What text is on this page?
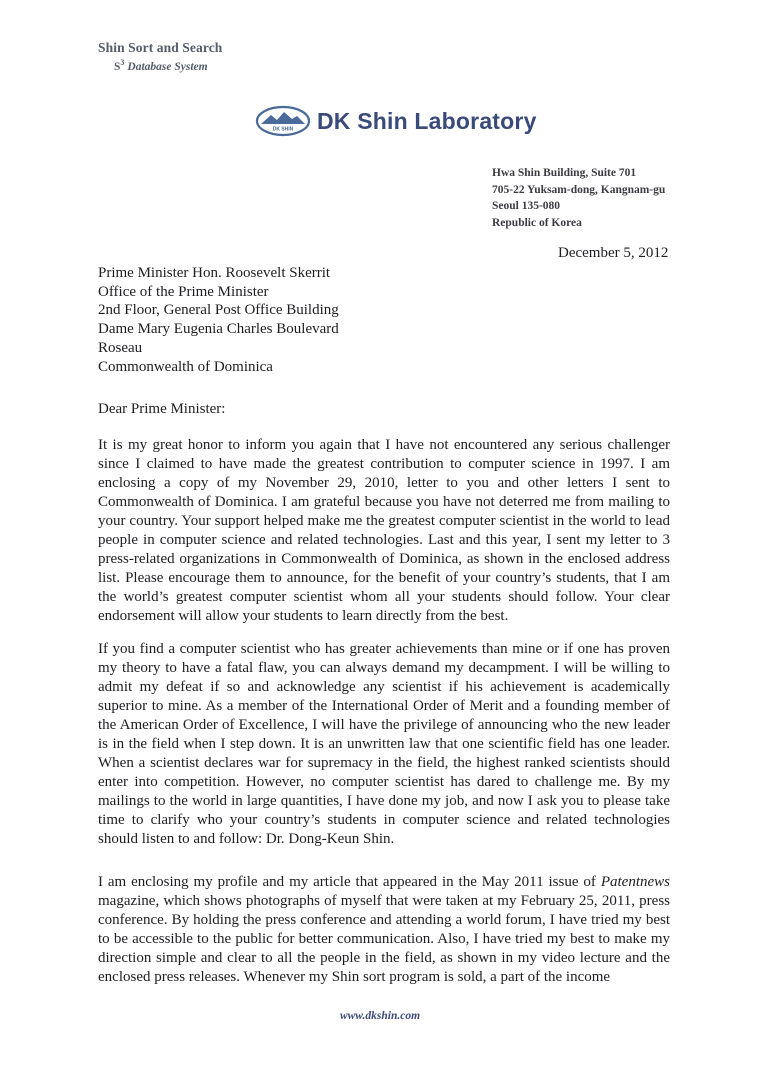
Shin Sort and Search
$S^3$ Database System
DK SHIN DK Shin Laboratory
Hwa Shin Building, Suite 701
705-22 Yuksam-dong, Kangnam-gu
Seoul 135-080
Republic of Korea
December 5, 2012
Prime Minister Hon. Roosevelt Skerrit
Office of the Prime Minister
2nd Floor, General Post Office Building
Dame Mary Eugenia Charles Boulevard
Roseau
Commonwealth of Dominica
Dear Prime Minister:
It is my great honor to inform you again that I have not encountered any serious challenger since I claimed to have made the greatest contribution to computer science in 1997. I am enclosing a copy of my November 29, 2010, letter to you and other letters I sent to Commonwealth of Dominica. I am grateful because you have not deterred me from mailing to your country. Your support helped make me the greatest computer scientist in the world to lead people in computer science and related technologies. Last and this year, I sent my letter to 3 press-related organizations in Commonwealth of Dominica, as shown in the enclosed address list. Please encourage them to announce, for the benefit of your country’s students, that I am the world’s greatest computer scientist whom all your students should follow. Your clear endorsement will allow your students to learn directly from the best.
If you find a computer scientist who has greater achievements than mine or if one has proven my theory to have a fatal flaw, you can always demand my decampment. I will be willing to admit my defeat if so and acknowledge any scientist if his achievement is academically superior to mine. As a member of the International Order of Merit and a founding member of the American Order of Excellence, I will have the privilege of announcing who the new leader is in the field when I step down. It is an unwritten law that one scientific field has one leader. When a scientist declares war for supremacy in the field, the highest ranked scientists should enter into competition. However, no computer scientist has dared to challenge me. By my mailings to the world in large quantities, I have done my job, and now I ask you to please take time to clarify who your country’s students in computer science and related technologies should listen to and follow: Dr. Dong-Keun Shin.
I am enclosing my profile and my article that appeared in the May 2011 issue of Patentnews magazine, which shows photographs of myself that were taken at my February 25, 2011, press conference. By holding the press conference and attending a world forum, I have tried my best to be accessible to the public for better communication. Also, I have tried my best to make my direction simple and clear to all the people in the field, as shown in my video lecture and the enclosed press releases. Whenever my Shin sort program is sold, a part of the income
www.dkshin.com
